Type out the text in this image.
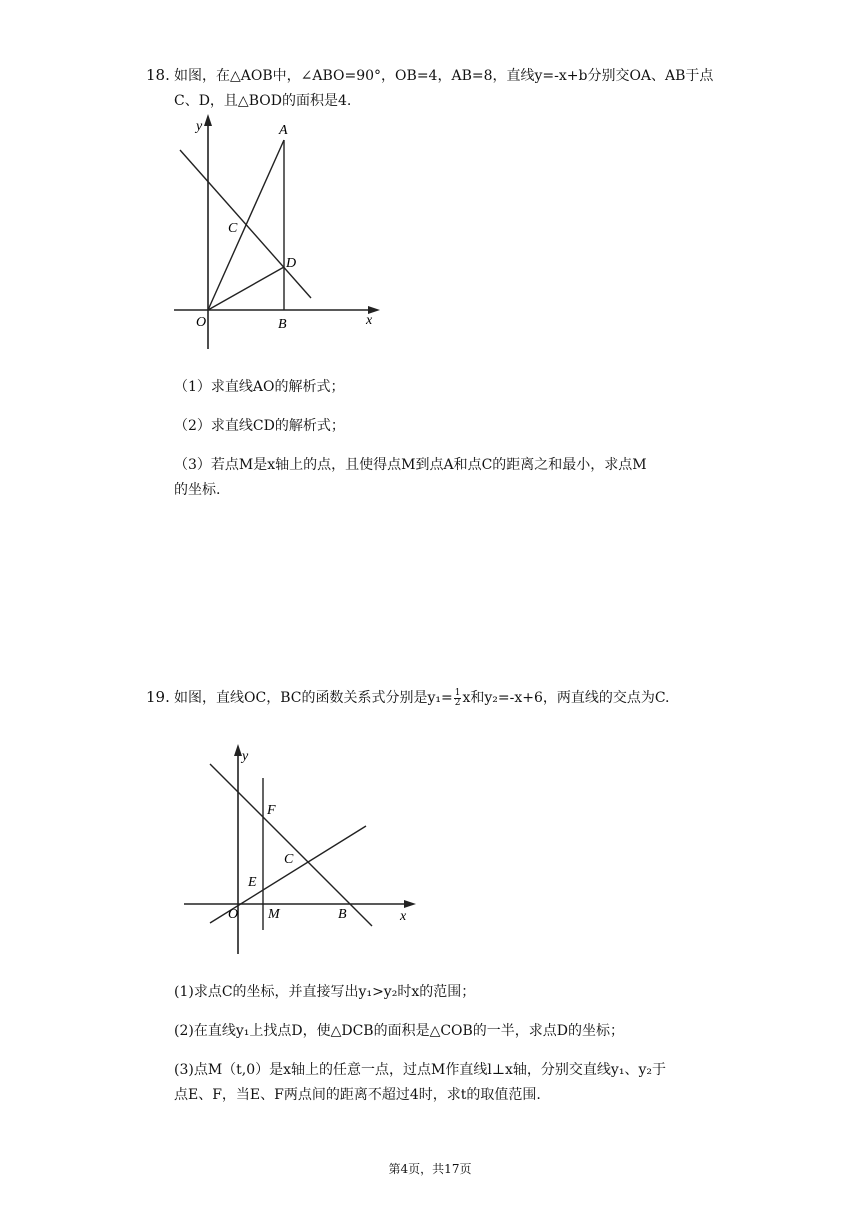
18. 如图，在△AOB中，∠ABO=90°，OB=4，AB=8，直线y=-x+b分别交OA、AB于点
C、D，且△BOD的面积是4.
y	A
C
D
O	B	x
（1）求直线AO的解析式；
（2）求直线CD的解析式；
（3）若点M是x轴上的点，且使得点M到点A和点C的距离之和最小，求点M
的坐标.
19. 如图，直线OC，BC的函数关系式分别是$y_1= \frac{1}{2}$ x和y₂=-x+6，两直线的交点为C.
y
F
C
E
O M	B	x
(1)求点C的坐标，并直接写出y₁>y₂时x的范围；
(2)在直线y₁上找点D，使△DCB的面积是△COB的一半，求点D的坐标；
(3)点M（t,0）是x轴上的任意一点，过点M作直线l⊥x轴，分别交直线y₁、y₂于
点E、F，当E、F两点间的距离不超过4时，求t的取值范围.
第4页，共17页
